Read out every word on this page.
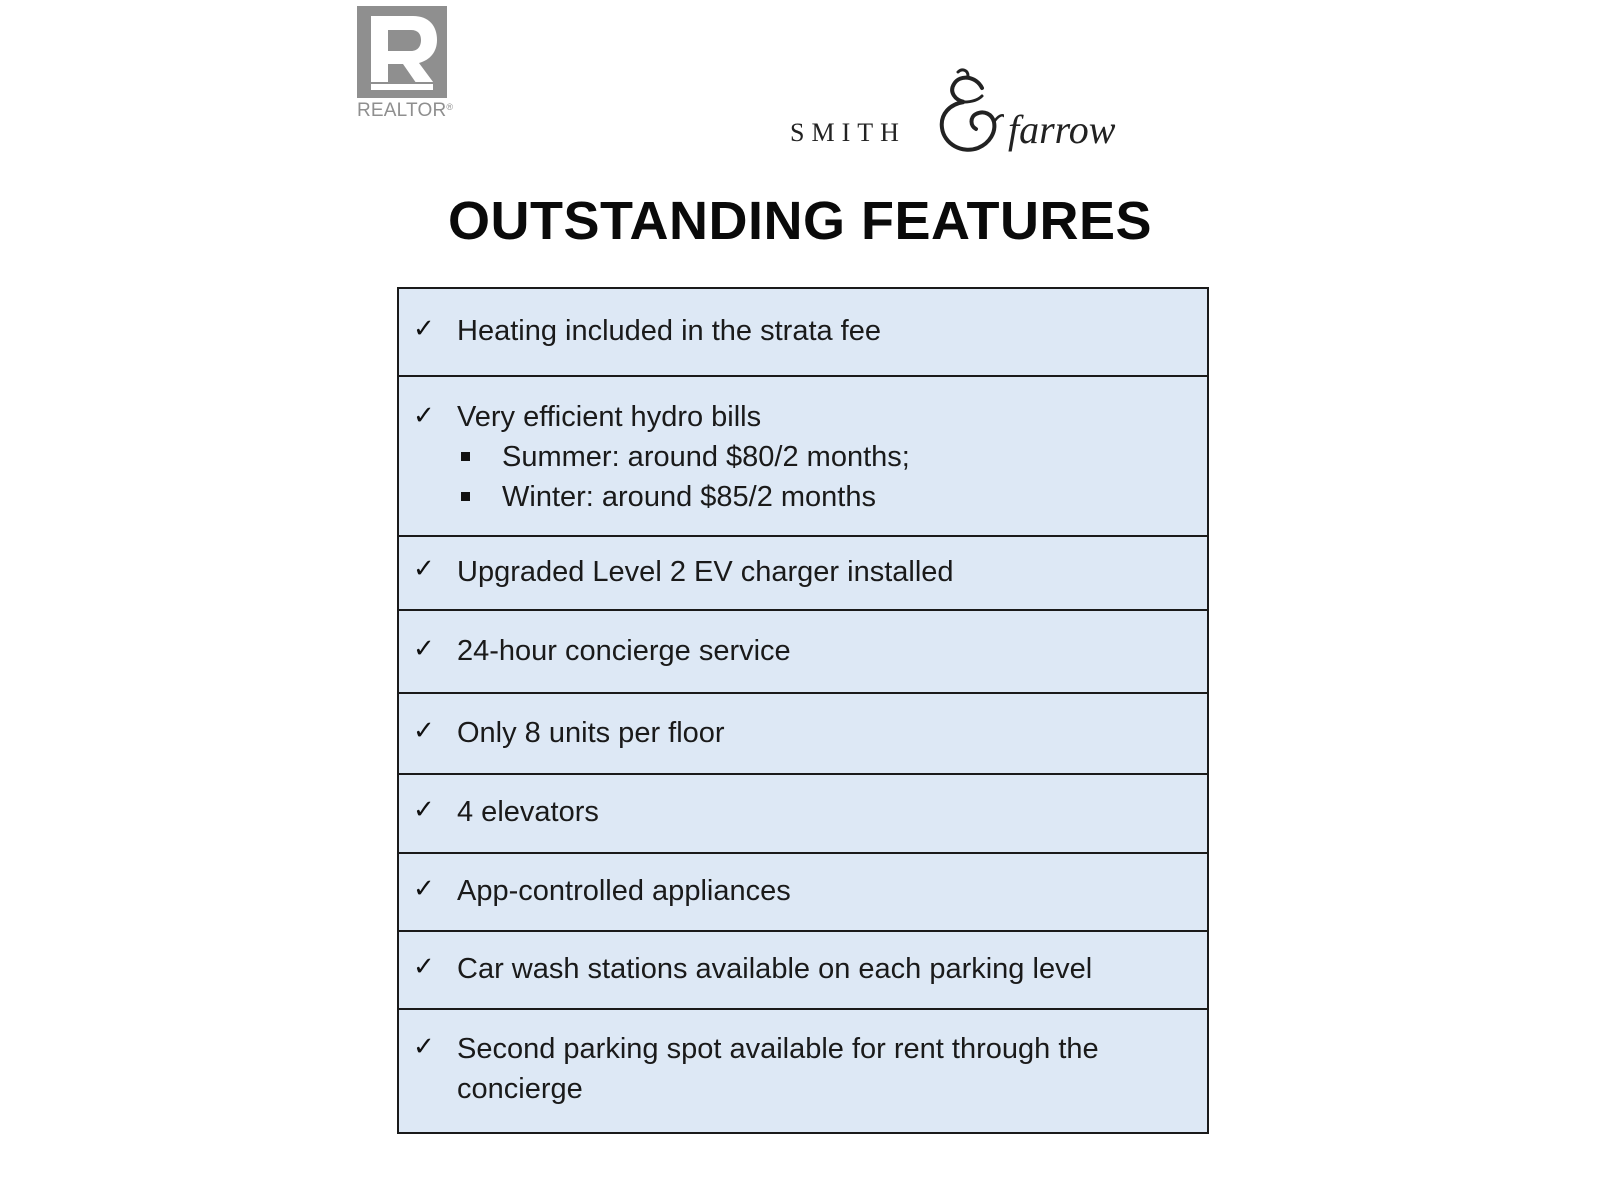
REALTOR®
SMITH	farrow
OUTSTANDING FEATURES
✓ Heating included in the strata fee
✓ Very efficient hydro bills
Summer: around $80/2 months;
Winter: around $85/2 months
✓ Upgraded Level 2 EV charger installed
✓ 24-hour concierge service
✓ Only 8 units per floor
✓ 4 elevators
✓ App-controlled appliances
✓ Car wash stations available on each parking level
✓ Second parking spot available for rent through the concierge
